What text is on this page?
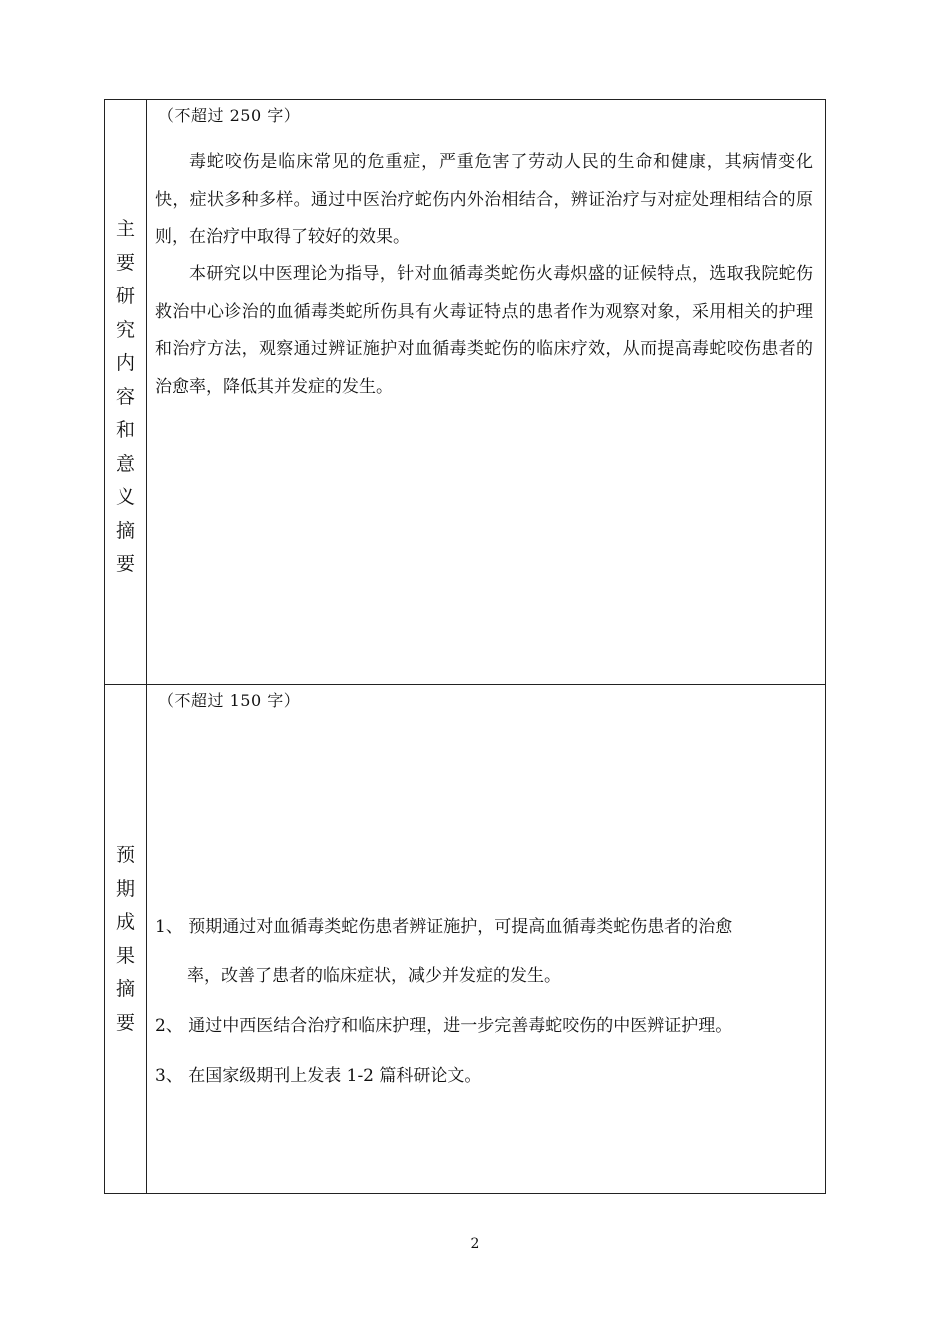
主
要
研
究
内
容
和
意
义
摘
要
（不超过 250 字）

毒蛇咬伤是临床常见的危重症，严重危害了劳动人民的生命和健康，其病情变化快，症状多种多样。通过中医治疗蛇伤内外治相结合，辨证治疗与对症处理相结合的原则，在治疗中取得了较好的效果。

本研究以中医理论为指导，针对血循毒类蛇伤火毒炽盛的证候特点，选取我院蛇伤救治中心诊治的血循毒类蛇所伤具有火毒证特点的患者作为观察对象，采用相关的护理和治疗方法，观察通过辨证施护对血循毒类蛇伤的临床疗效，从而提高毒蛇咬伤患者的治愈率，降低其并发症的发生。

预
期
成
果
摘
要
（不超过 150 字）

1、 预期通过对血循毒类蛇伤患者辨证施护，可提高血循毒类蛇伤患者的治愈

率，改善了患者的临床症状，减少并发症的发生。

2、 通过中西医结合治疗和临床护理，进一步完善毒蛇咬伤的中医辨证护理。

3、 在国家级期刊上发表 1-2 篇科研论文。

2
